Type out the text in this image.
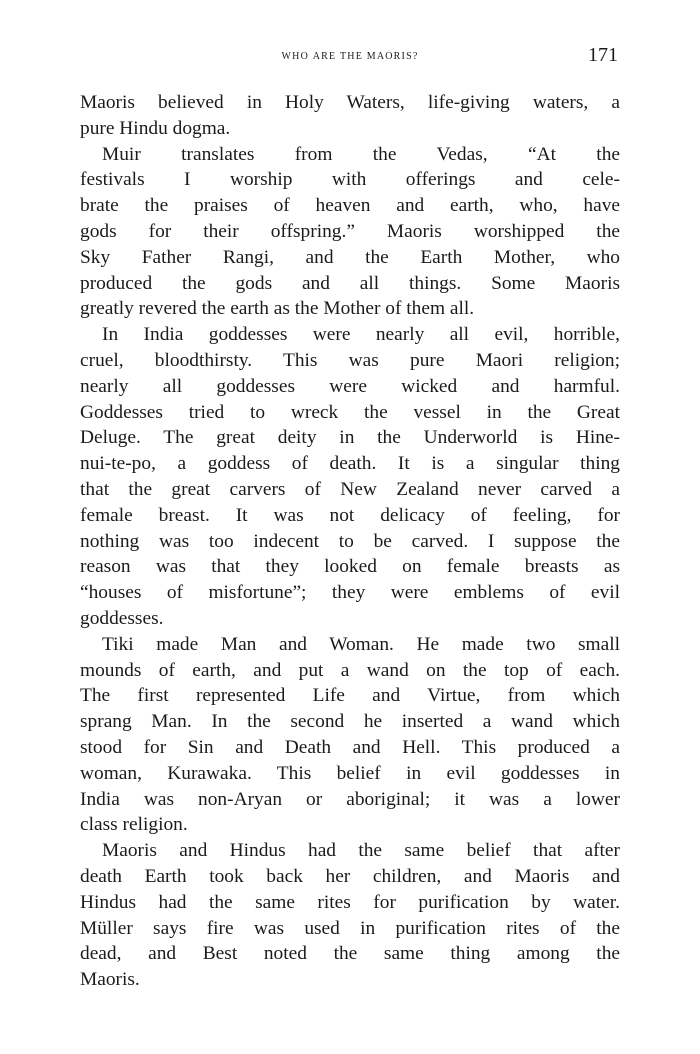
who are the maoris?	171
Maoris believed in Holy Waters, life-giving waters, a
pure Hindu dogma.
Muir translates from the Vedas, “At the
festivals I worship with offerings and cele-
brate the praises of heaven and earth, who, have
gods for their offspring.” Maoris worshipped the
Sky Father Rangi, and the Earth Mother, who
produced the gods and all things. Some Maoris
greatly revered the earth as the Mother of them all.
In India goddesses were nearly all evil, horrible,
cruel, bloodthirsty. This was pure Maori religion;
nearly all goddesses were wicked and harmful.
Goddesses tried to wreck the vessel in the Great
Deluge. The great deity in the Underworld is Hine-
nui-te-po, a goddess of death. It is a singular thing
that the great carvers of New Zealand never carved a
female breast. It was not delicacy of feeling, for
nothing was too indecent to be carved. I suppose the
reason was that they looked on female breasts as
“houses of misfortune”; they were emblems of evil
goddesses.
Tiki made Man and Woman. He made two small
mounds of earth, and put a wand on the top of each.
The first represented Life and Virtue, from which
sprang Man. In the second he inserted a wand which
stood for Sin and Death and Hell. This produced a
woman, Kurawaka. This belief in evil goddesses in
India was non-Aryan or aboriginal; it was a lower
class religion.
Maoris and Hindus had the same belief that after
death Earth took back her children, and Maoris and
Hindus had the same rites for purification by water.
Müller says fire was used in purification rites of the
dead, and Best noted the same thing among the
Maoris.
